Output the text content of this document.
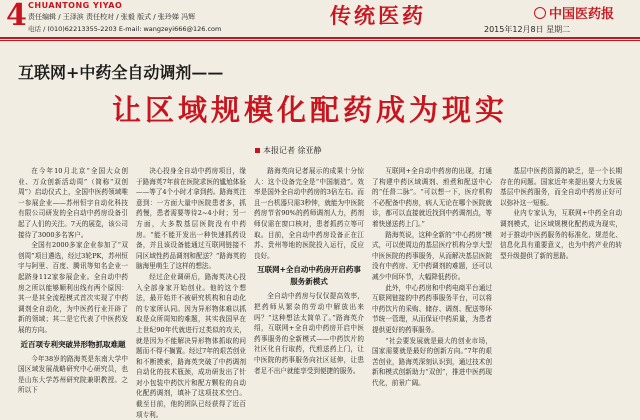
4 CHUANTONG YIYAO
责任编辑 / 王泽滨 责任校对 / 张毅 版式 / 张玲娣 冯辉
电话 / (010)62213355-2203 E-mail: wangzeyi666@126.com
传统医药	中国医药报
2015年12月8日 星期二
互联网+中药全自动调剂——
让区域规模化配药成为现实
本报记者 徐亚静

在今年10月北京“全国大众创业、万众创新活动周”（简称“双创周”）启动仪式上，全国中医药领域唯一参展企业——苏州恒宇自动化科技有限公司研发的全自动中药房设备引起了人们的关注。7天的展览，该公司接待了3000多名客户。

全国有2000多家企业参加了“双创周”项目遴选，经过3轮PK，苏州恒宇与阿里、百度、腾讯等知名企业一起跻身112家参展企业。全自动中药房之所以能够顺利出线有两个原因：其一是其全流程模式首次实现了中药调剂全自动化，为中医药行业开辟了新的领域；其二是它代表了中医药发展的方向。

近百项专利突破异形物抓取难题

今年38岁的路海英是东南大学中国区域发展战略研究中心研究员，也是山东大学苏州研究院兼职教授。之所以下

决心投身全自动中药房项目，缘于路海英7年前在医院求医的尴尬体验——等了4个小时才拿到药。路海英注意到：一方面大量中医院患者多，抓药慢，患者需要等待2~4小时；另一方面，大多数基层医院没有中药房。“能不能开发出一种快速抓药设备，并且该设备能通过互联网链接不同区域性药品调剂和配送？”路海英的脑海里萌生了这样的想法。

经过企业调研后，路海英决心投入全部身家开始创业。他的这个想法，最开始并不被研究机构和自动化的专家所认同。因为异形物体难以抓取是众所周知的难题，其实我国早在上世纪90年代就进行过类似的攻关，就是因为不能解决异形物体抓取的问题而不得不搁置。经过7年的艰苦创业和不断摸索，路海英突破了中药调剂自动化的技术瓶颈，成功研发出了针对小包装中药饮片和配方颗粒的自动化配药调剂，填补了这项技术空白。截至目前，他的团队已经获得了近百项专利。

路海英向记者展示的成果十分惊人：这个设备完全是“中国制造”。效率是国外全自动中药房的3倍左右。而且一台机器只需3秒钟，就能为中医院药房节省90%的药师调剂人力，药剂师仅需在窗口核对，患者抓药立等可取。目前，全自动中药房设备正在江苏、贵州等地的医院投入运行，反应良好。

互联网+全自动中药房开启药事服务新模式

全自动中药房与仅仅提高效率，把药师从繁杂的劳动中解放出来吗？“这种想法太简单了。”路海英介绍，互联网+全自动中药房开启中医药事服务的全新模式——中药饮片的社区化自行取药，代煎送药上门，让中医院的药事服务向社区延伸，让患者足不出户就能享受到便捷的服务。

互联网+全自动中药房的出现，打通了构建中药区域调剂、煎煮和配送中心的“任督二脉”。“可以想一下，医疗机构不必配备中药房，病人无论在哪个医院就诊，都可以直接就近找到中药调剂点，等着快递送药上门。”

路海英说，这种全新的“中心药房”模式，可以使周边的基层医疗机构分享大型中医医院的药事服务，从而解决基层医院没有中药房、无中药调剂的难题，还可以减少中间环节，大幅降低药价。

此外，中心药房和中药电商平台通过互联网链接的中药药事服务平台，可以将中药饮片的采购、储存、调剂、配送等环节统一管理，从而保证中药质量，为患者提供更好的药事服务。

“社会要发展就是最大的创业市场，国家需要就是最好的创新方向。”7年的艰苦创业，路海英深刻认识到，通过技术创新和模式创新助力“双创”，推进中医药现代化，前景广阔。

基层中医药资源的缺乏，是一个长期存在的问题。国家近年来提出要大力发展基层中医药服务，而全自动中药房正好可以弥补这一短板。

业内专家认为，互联网+中药全自动调剂模式，让区域规模化配药成为现实，对于推动中医药服务的标准化、规范化、信息化具有重要意义，也为中药产业的转型升级提供了新的思路。
